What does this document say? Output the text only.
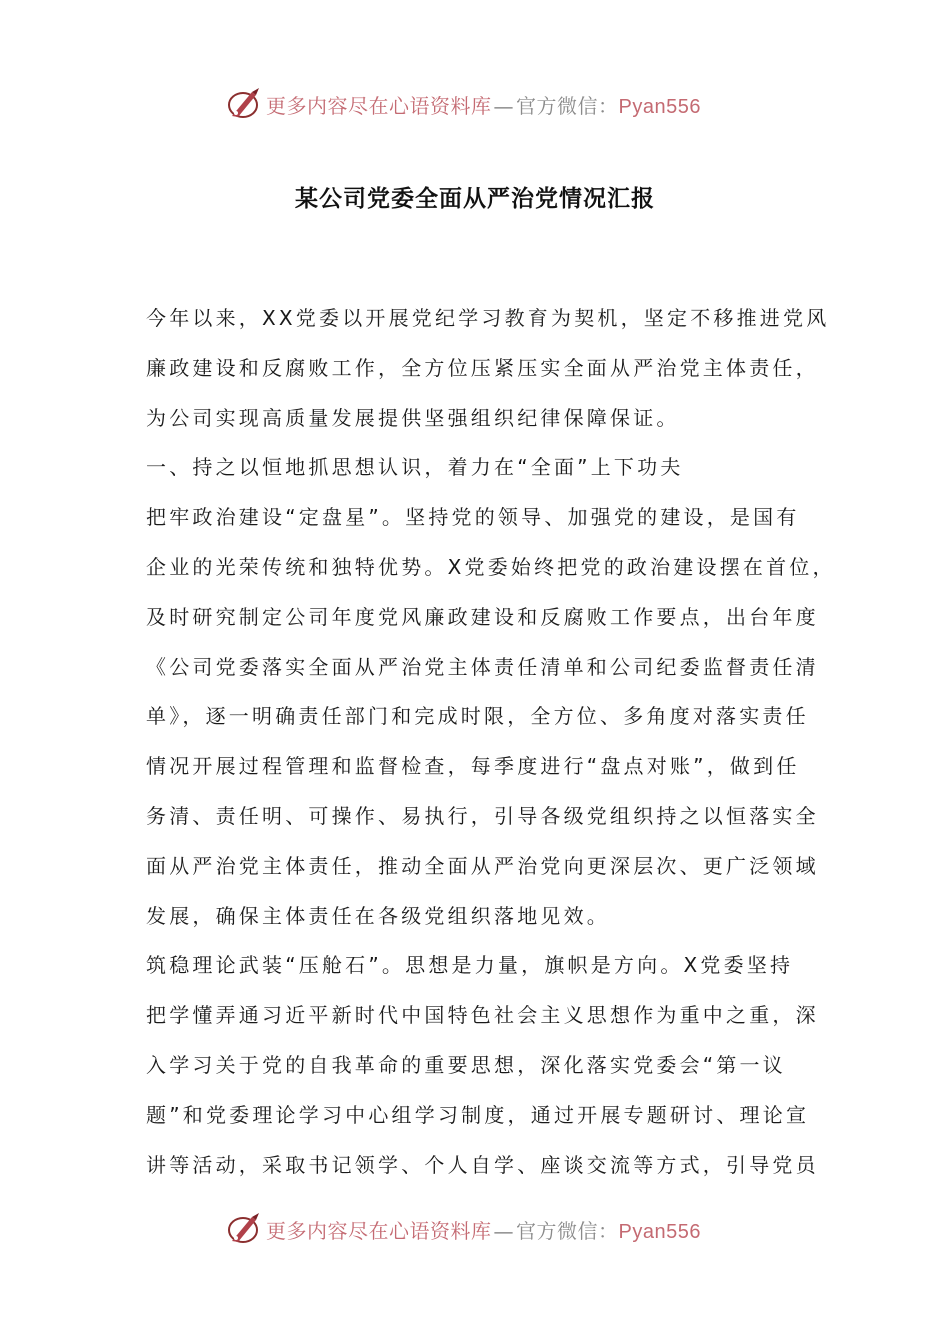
更多内容尽在心语资料库 — 官方微信：Pyan556
某公司党委全面从严治党情况汇报
今年以来，XX党委以开展党纪学习教育为契机，坚定不移推进党风
廉政建设和反腐败工作，全方位压紧压实全面从严治党主体责任，
为公司实现高质量发展提供坚强组织纪律保障保证。
一、持之以恒地抓思想认识，着力在“全面”上下功夫
把牢政治建设“定盘星”。坚持党的领导、加强党的建设，是国有
企业的光荣传统和独特优势。X党委始终把党的政治建设摆在首位，
及时研究制定公司年度党风廉政建设和反腐败工作要点，出台年度
《公司党委落实全面从严治党主体责任清单和公司纪委监督责任清
单》，逐一明确责任部门和完成时限，全方位、多角度对落实责任
情况开展过程管理和监督检查，每季度进行“盘点对账”，做到任
务清、责任明、可操作、易执行，引导各级党组织持之以恒落实全
面从严治党主体责任，推动全面从严治党向更深层次、更广泛领域
发展，确保主体责任在各级党组织落地见效。
筑稳理论武装“压舱石”。思想是力量，旗帜是方向。X党委坚持
把学懂弄通习近平新时代中国特色社会主义思想作为重中之重，深
入学习关于党的自我革命的重要思想，深化落实党委会“第一议
题”和党委理论学习中心组学习制度，通过开展专题研讨、理论宣
讲等活动，采取书记领学、个人自学、座谈交流等方式，引导党员
更多内容尽在心语资料库 — 官方微信：Pyan556
